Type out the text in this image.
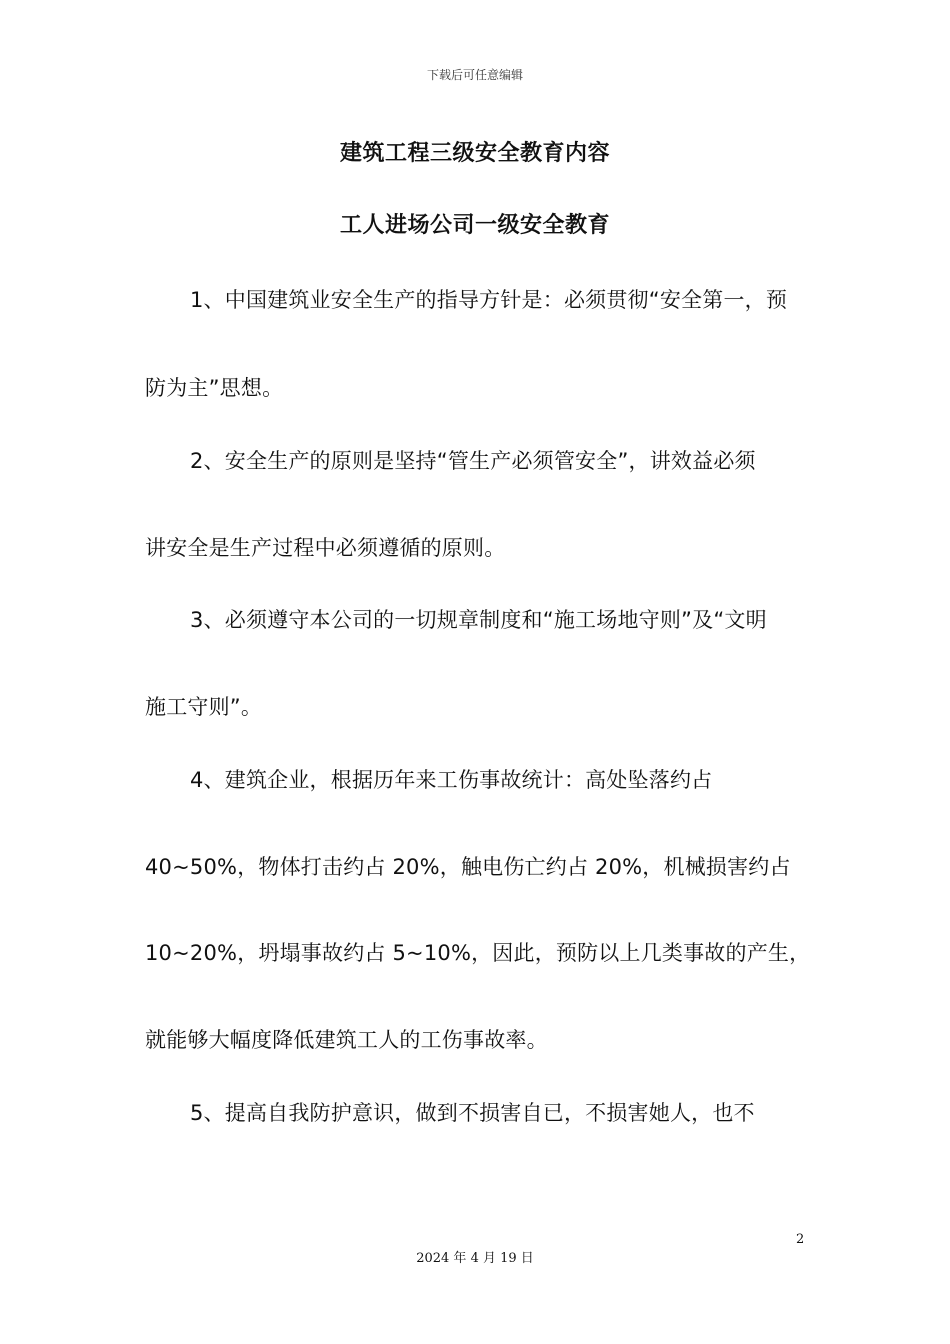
下载后可任意编辑
建筑工程三级安全教育内容
工人进场公司一级安全教育
1、中国建筑业安全生产的指导方针是：必须贯彻“安全第一，预
防为主”思想。
2、安全生产的原则是坚持“管生产必须管安全”，讲效益必须
讲安全是生产过程中必须遵循的原则。
3、必须遵守本公司的一切规章制度和“施工场地守则”及“文明
施工守则”。
4、建筑企业，根据历年来工伤事故统计：高处坠落约占
40~50%，物体打击约占 20%，触电伤亡约占 20%，机械损害约占
10~20%，坍塌事故约占 5~10%，因此，预防以上几类事故的产生，
就能够大幅度降低建筑工人的工伤事故率。
5、提高自我防护意识，做到不损害自已，不损害她人，也不
2
2024 年 4 月 19 日
